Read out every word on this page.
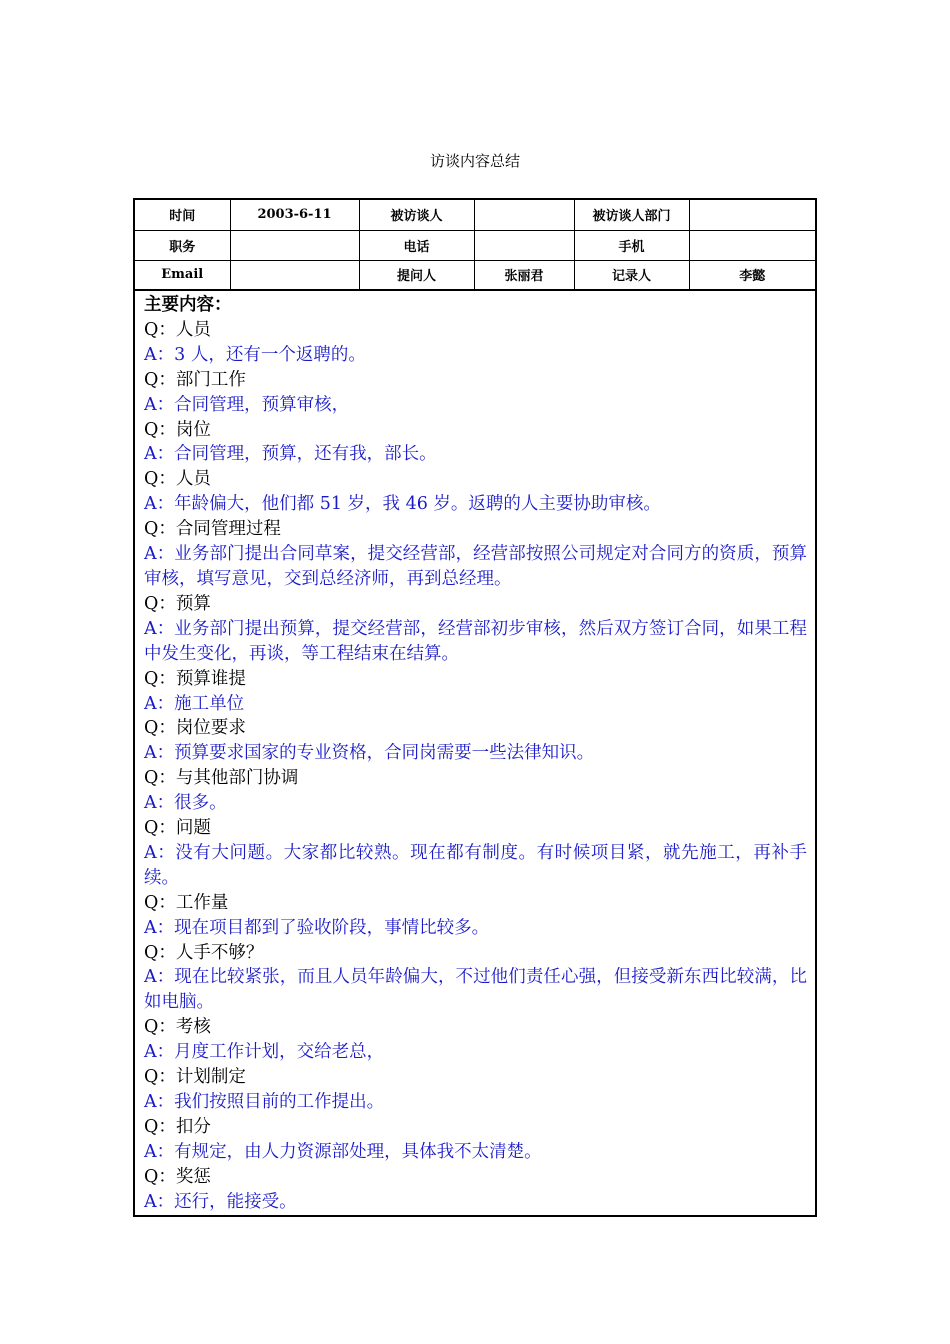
访谈内容总结
时间	2003-6-11	被访谈人		被访谈人部门	
职务		电话		手机	
Email		提问人	张丽君	记录人	李懿
主要内容：
Q：人员
A：3 人，还有一个返聘的。
Q：部门工作
A：合同管理，预算审核，
Q：岗位
A：合同管理，预算，还有我，部长。
Q：人员
A：年龄偏大，他们都 51 岁，我 46 岁。返聘的人主要协助审核。
Q：合同管理过程
A：业务部门提出合同草案，提交经营部，经营部按照公司规定对合同方的资质，预算审核，填写意见，交到总经济师，再到总经理。
Q：预算
A：业务部门提出预算，提交经营部，经营部初步审核，然后双方签订合同，如果工程中发生变化，再谈，等工程结束在结算。
Q：预算谁提
A：施工单位
Q：岗位要求
A：预算要求国家的专业资格，合同岗需要一些法律知识。
Q：与其他部门协调
A：很多。
Q：问题
A：没有大问题。大家都比较熟。现在都有制度。有时候项目紧，就先施工，再补手续。
Q：工作量
A：现在项目都到了验收阶段，事情比较多。
Q：人手不够？
A：现在比较紧张，而且人员年龄偏大，不过他们责任心强，但接受新东西比较满，比如电脑。
Q：考核
A：月度工作计划，交给老总，
Q：计划制定
A：我们按照目前的工作提出。
Q：扣分
A：有规定，由人力资源部处理，具体我不太清楚。
Q：奖惩
A：还行，能接受。
